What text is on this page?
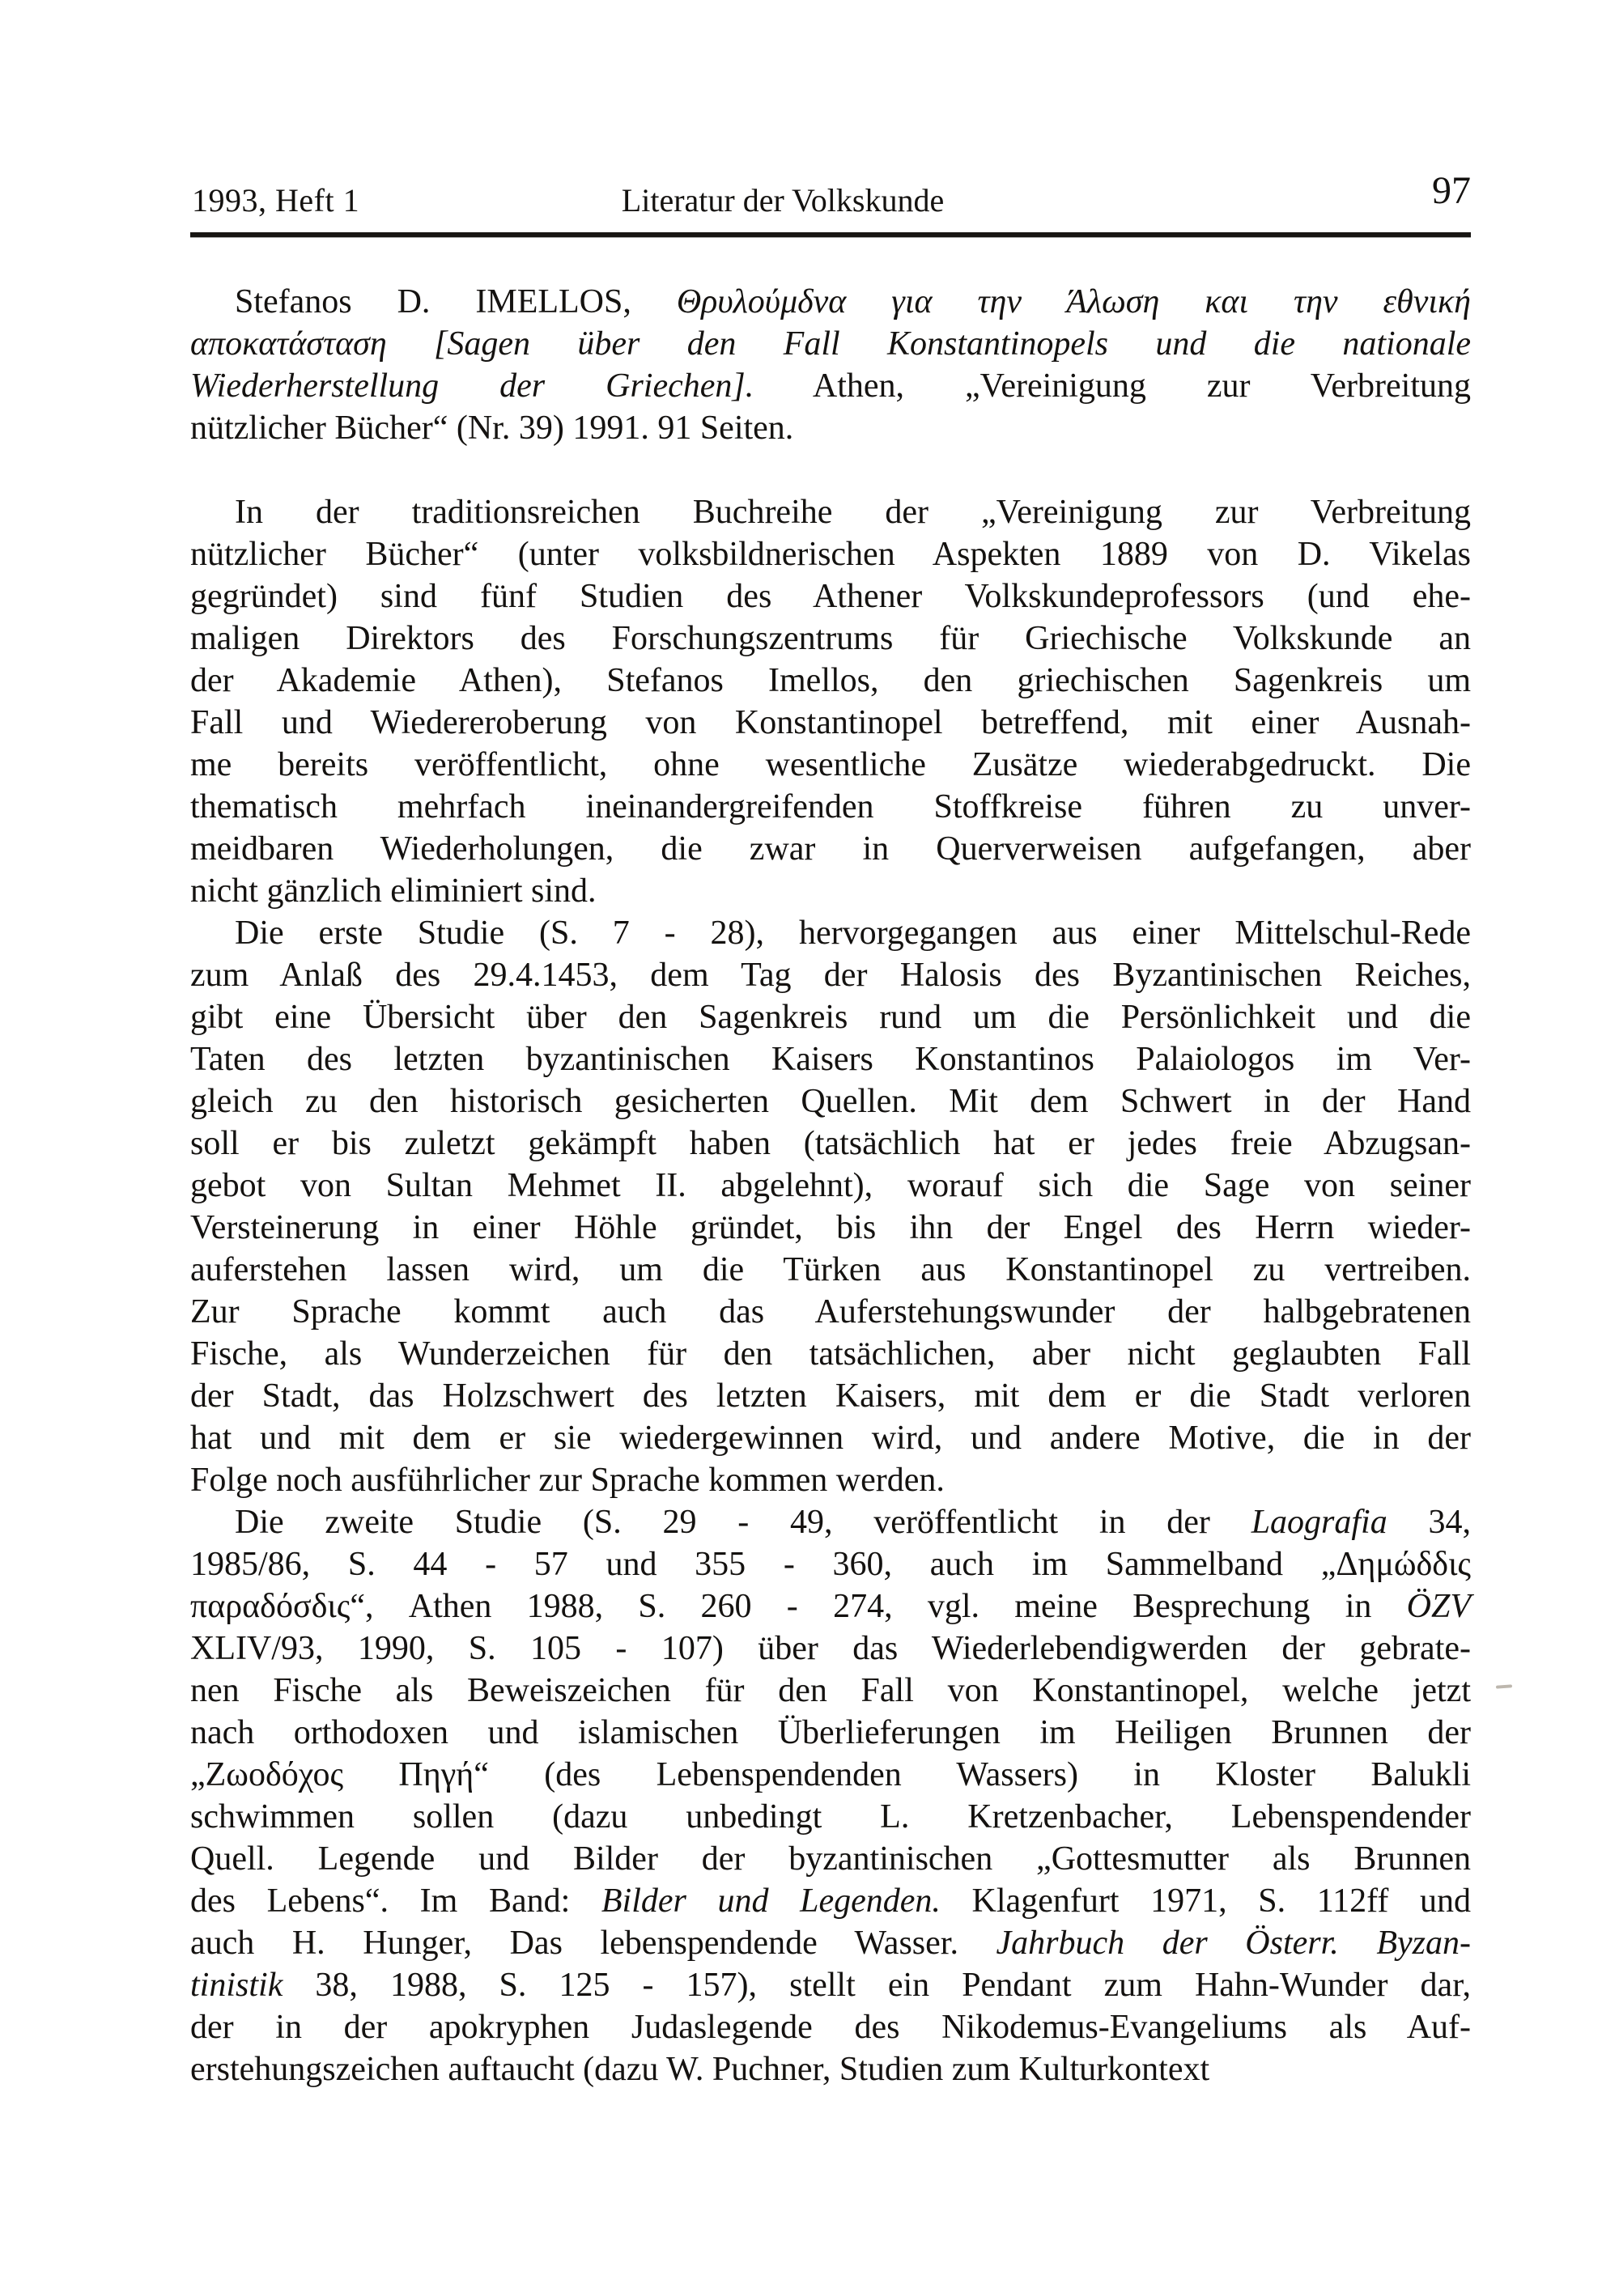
1993, Heft 1	Literatur der Volkskunde	97

Stefanos D. IMELLOS, Θρυλούμδνα για την Άλωση και την εθνική
αποκατάσταση [Sagen über den Fall Konstantinopels und die nationale
Wiederherstellung der Griechen]. Athen, „Vereinigung zur Verbreitung
nützlicher Bücher“ (Nr. 39) 1991. 91 Seiten.

In der traditionsreichen Buchreihe der „Vereinigung zur Verbreitung
nützlicher Bücher“ (unter volksbildnerischen Aspekten 1889 von D. Vikelas
gegründet) sind fünf Studien des Athener Volkskundeprofessors (und ehe-
maligen Direktors des Forschungszentrums für Griechische Volkskunde an
der Akademie Athen), Stefanos Imellos, den griechischen Sagenkreis um
Fall und Wiedereroberung von Konstantinopel betreffend, mit einer Ausnah-
me bereits veröffentlicht, ohne wesentliche Zusätze wiederabgedruckt. Die
thematisch mehrfach ineinandergreifenden Stoffkreise führen zu unver-
meidbaren Wiederholungen, die zwar in Querverweisen aufgefangen, aber
nicht gänzlich eliminiert sind.

Die erste Studie (S. 7 - 28), hervorgegangen aus einer Mittelschul-Rede
zum Anlaß des 29.4.1453, dem Tag der Halosis des Byzantinischen Reiches,
gibt eine Übersicht über den Sagenkreis rund um die Persönlichkeit und die
Taten des letzten byzantinischen Kaisers Konstantinos Palaiologos im Ver-
gleich zu den historisch gesicherten Quellen. Mit dem Schwert in der Hand
soll er bis zuletzt gekämpft haben (tatsächlich hat er jedes freie Abzugsan-
gebot von Sultan Mehmet II. abgelehnt), worauf sich die Sage von seiner
Versteinerung in einer Höhle gründet, bis ihn der Engel des Herrn wieder-
auferstehen lassen wird, um die Türken aus Konstantinopel zu vertreiben.
Zur Sprache kommt auch das Auferstehungswunder der halbgebratenen
Fische, als Wunderzeichen für den tatsächlichen, aber nicht geglaubten Fall
der Stadt, das Holzschwert des letzten Kaisers, mit dem er die Stadt verloren
hat und mit dem er sie wiedergewinnen wird, und andere Motive, die in der
Folge noch ausführlicher zur Sprache kommen werden.

Die zweite Studie (S. 29 - 49, veröffentlicht in der Laografia 34,
1985/86, S. 44 - 57 und 355 - 360, auch im Sammelband „Δημώδδις
παραδόσδις“, Athen 1988, S. 260 - 274, vgl. meine Besprechung in ÖZV
XLIV/93, 1990, S. 105 - 107) über das Wiederlebendigwerden der gebrate-
nen Fische als Beweiszeichen für den Fall von Konstantinopel, welche jetzt
nach orthodoxen und islamischen Überlieferungen im Heiligen Brunnen der
„Ζωοδόχος Πηγή“ (des Lebenspendenden Wassers) in Kloster Balukli
schwimmen sollen (dazu unbedingt L. Kretzenbacher, Lebenspendender
Quell. Legende und Bilder der byzantinischen „Gottesmutter als Brunnen
des Lebens“. Im Band: Bilder und Legenden. Klagenfurt 1971, S. 112ff und
auch H. Hunger, Das lebenspendende Wasser. Jahrbuch der Österr. Byzan-
tinistik 38, 1988, S. 125 - 157), stellt ein Pendant zum Hahn-Wunder dar,
der in der apokryphen Judaslegende des Nikodemus-Evangeliums als Auf-
erstehungszeichen auftaucht (dazu W. Puchner, Studien zum Kulturkontext
